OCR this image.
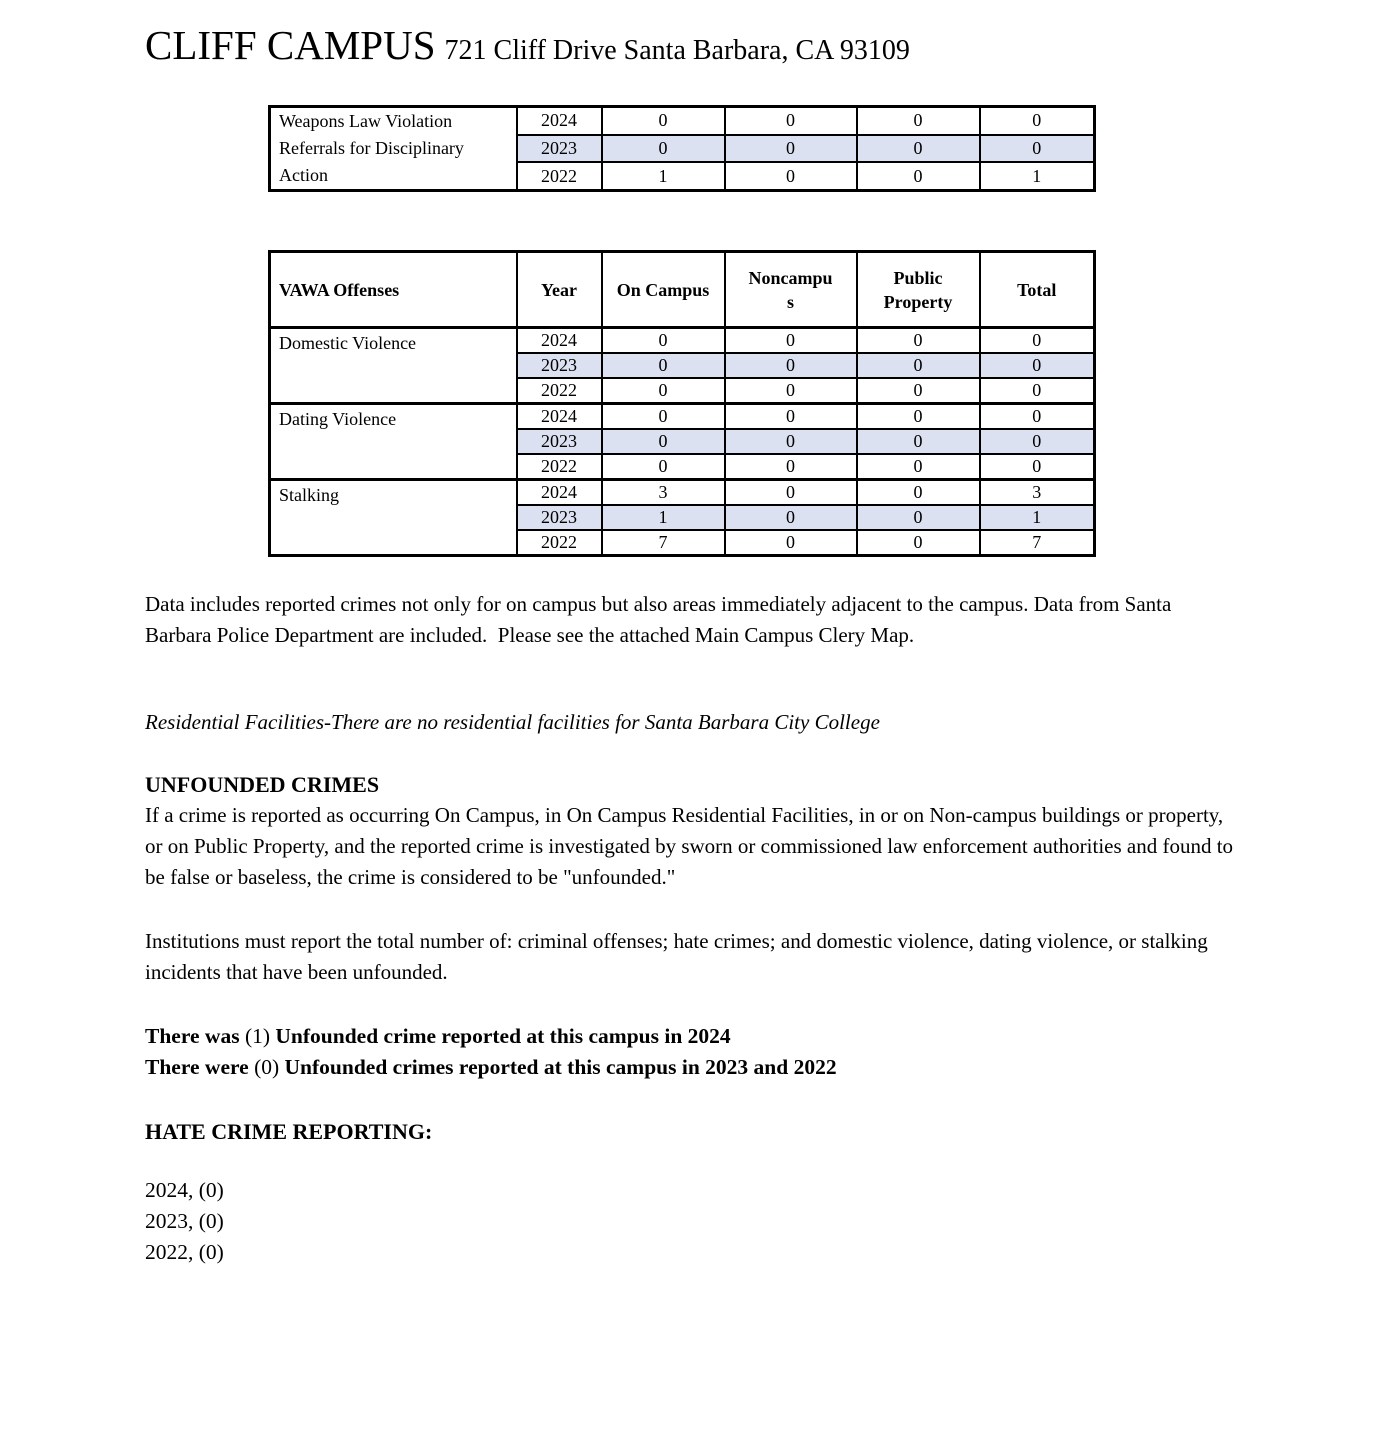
CLIFF CAMPUS 721 Cliff Drive Santa Barbara, CA 93109
Weapons Law Violation Referrals for Disciplinary Action	2024	0	0	0	0
	2023	0	0	0	0
	2022	1	0	0	1
VAWA Offenses	Year	On Campus	Noncampus	Public Property	Total
Domestic Violence	2024	0	0	0	0
	2023	0	0	0	0
	2022	0	0	0	0
Dating Violence	2024	0	0	0	0
	2023	0	0	0	0
	2022	0	0	0	0
Stalking	2024	3	0	0	3
	2023	1	0	0	1
	2022	7	0	0	7

Data includes reported crimes not only for on campus but also areas immediately adjacent to the campus. Data from Santa Barbara Police Department are included.  Please see the attached Main Campus Clery Map.

Residential Facilities-There are no residential facilities for Santa Barbara City College

UNFOUNDED CRIMES

If a crime is reported as occurring On Campus, in On Campus Residential Facilities, in or on Non-campus buildings or property, or on Public Property, and the reported crime is investigated by sworn or commissioned law enforcement authorities and found to be false or baseless, the crime is considered to be "unfounded."

Institutions must report the total number of: criminal offenses; hate crimes; and domestic violence, dating violence, or stalking incidents that have been unfounded.

There was (1) Unfounded crime reported at this campus in 2024

There were (0) Unfounded crimes reported at this campus in 2023 and 2022

HATE CRIME REPORTING:

2024, (0)

2023, (0)

2022, (0)
